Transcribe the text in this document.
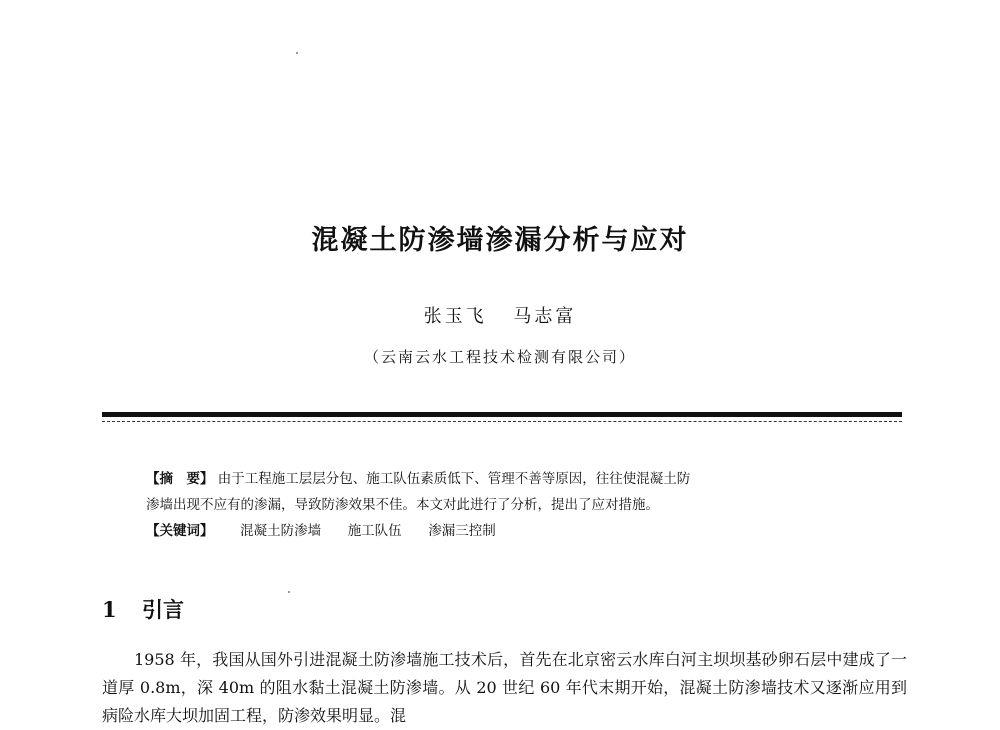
混凝土防渗墙渗漏分析与应对
张玉飞 马志富
（云南云水工程技术检测有限公司）
【摘　要】 由于工程施工层层分包、施工队伍素质低下、管理不善等原因，往往使混凝土防
渗墙出现不应有的渗漏，导致防渗效果不佳。本文对此进行了分析，提出了应对措施。
【关键词】 混凝土防渗墙 施工队伍 渗漏三控制
1 引言

1958 年，我国从国外引进混凝土防渗墙施工技术后，首先在北京密云水库白河主坝坝基砂卵石层中建成了一道厚 0.8m，深 40m 的阻水黏土混凝土防渗墙。从 20 世纪 60 年代末期开始，混凝土防渗墙技术又逐渐应用到病险水库大坝加固工程，防渗效果明显。混
